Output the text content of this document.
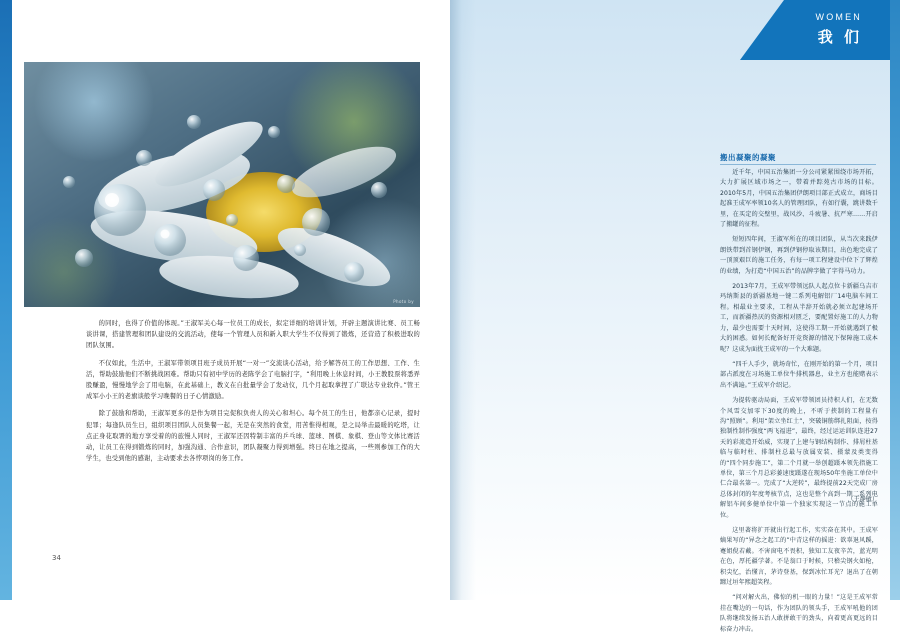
Photo by

的同时，也得了价值的体现。”王淑军关心每一位员工的成长，拟定详细的培训计划，开辟主题演讲比赛、员工畅谈讲课，搭建管理和团队建设的交流活动，使每一个管理人员和新入职大学生不仅得到了锻炼，还营造了积极进取的团队氛围。

不仅如此，生活中，王淑军带领项目班子成员开展“一对一”交流谈心活动，给予解答员工的工作思想、工作、生活，帮助鼓励他们不断挑战困难。帮助只有初中学历的老陈学会了电脑打字，“利用晚上休息时间，小王教股票将悉弄股赚盈，慢慢地学会了用电脑，在此基础上，教义在自批量学会了发动仪，几个月起取拿捏了广联达专业软件。”管王成军小小王的老旗谈般学习晚餐的日子心情激励。

除了鼓励和帮助，王淑军更多的是作为项目完促积负责人的关心和坦心。每个员工的生日，他都亲心记录，提时犯罪；每逢队员生日，组织项目团队人员集餐一起，无是在突然的食堂，用苦惟得相观，是之局举击最暖的吃塔，让点正身花取署的地方享受着的的旅慢人同时，王淑军还因特制丰富的乒乓球、篮球、图棋、象棋、登山等文体比赛活动，让员工在得到锻炼的同时，加强沟通、合作意识，团队凝聚力得到增强。终日在地之提高，一些则参加工作的大学生，也受到他的感谢，主动要求去各悖项岗的务工作。

34
WOMEN
我 们
搬出凝聚的凝聚

近千年，中国五治集团一分公司紧紧围绕市场开拓，大力扩展区域市场之一，带着并踪苑古市场的目标。2010年5月，中国五治集团伊朗项目部正式成立，商场目起准王成军率领10名人的管理团队，有如行囊，跳讲数千里，在买定的交壁里，战风沙、斗疲暑、抗严寒……开启了搬罐的征程。

短短四年间，王淑军所在的项目团队，从当次来践伊朗铁带到首钢伊钢，再到伊钢停取该期目，出色地完成了一顶顶艰巨的施工任务，有每一项工程建设中位下了辉煌的业绩，为打造“中国五治”的品牌字做了字得马功力。

2013年7月，王成军带领远队人起点位卡新疆乌吉市玛纳斯县的新疆基地一键二系列电解铝厂14电脑车间工程。相最业主要求，工程从半辞开始就必须立起建场开工，而新疆热厌的资源相对匮乏，要配置好施工的人力物力，最少也需要十天时间，这使得工期一开始就遇到了极大的困惑。如何长配备好开竞资源的情况下保障施工成本呢？这成为面扰王成军的一个大难题。

“四千人手少，就场奇忙，在刚开始的第一个月，项目部占派度在习场施工单位牛排机器息，业主方也能赌表示出不满遍。”王成军介绍记。

为提转驱动局面，王成军带领团员持积人们，在无数个风雪交加零下30度的晚上，不听于挟制的工程量有沟“照顾”。利用“架立坐红土”，突破铜筋绑扎阻面，按得独制性制作强度“两飞福进”，最终，经过运运训队连进27天的彩流造开始威，实现了上建与钢结构制作、排屑柱基临与临时柱、排制柱总最与放属安装、摄蒙及类变得的“四个同步施工”，第二个月就一举创超蹑本领先指施工单位，第三个月总彩萎速度蹑遂在现场50年坐施工单位中仁合最名第一。完成了“大逆转”，最终提前22天完成厂房总体封闭的年度考核节点，这也是整个高到一期二系列电解铝车间多健单位中第一个独家实现这一节点的施工单位。

这里著将扩开就出行起工作，实实奋在其中。王成军嫡果写的“异念之起工的”中青这样的摇进：欲辜退风蹊，蹇姐倪若戴。不害窗电不畏积，独知工友夜辛苦，蓝光明在色，厚托疆学著。不是翁口于时候，只稽尖钢火如枪，积尖忆，治懂言，茅诗登基，保到冰忙耳光？退出了在朝躔过垣年熙超笑程。

“问对解火出，佛惊的机一眼的力量！”这是王成军常挂在嘴边的一句话，作为团队的领头手，王成军吼他的团队将继续发扬五治人敢拼敢干的劲头，向着更高更远的目标奋力冲击。

（王静敏）
